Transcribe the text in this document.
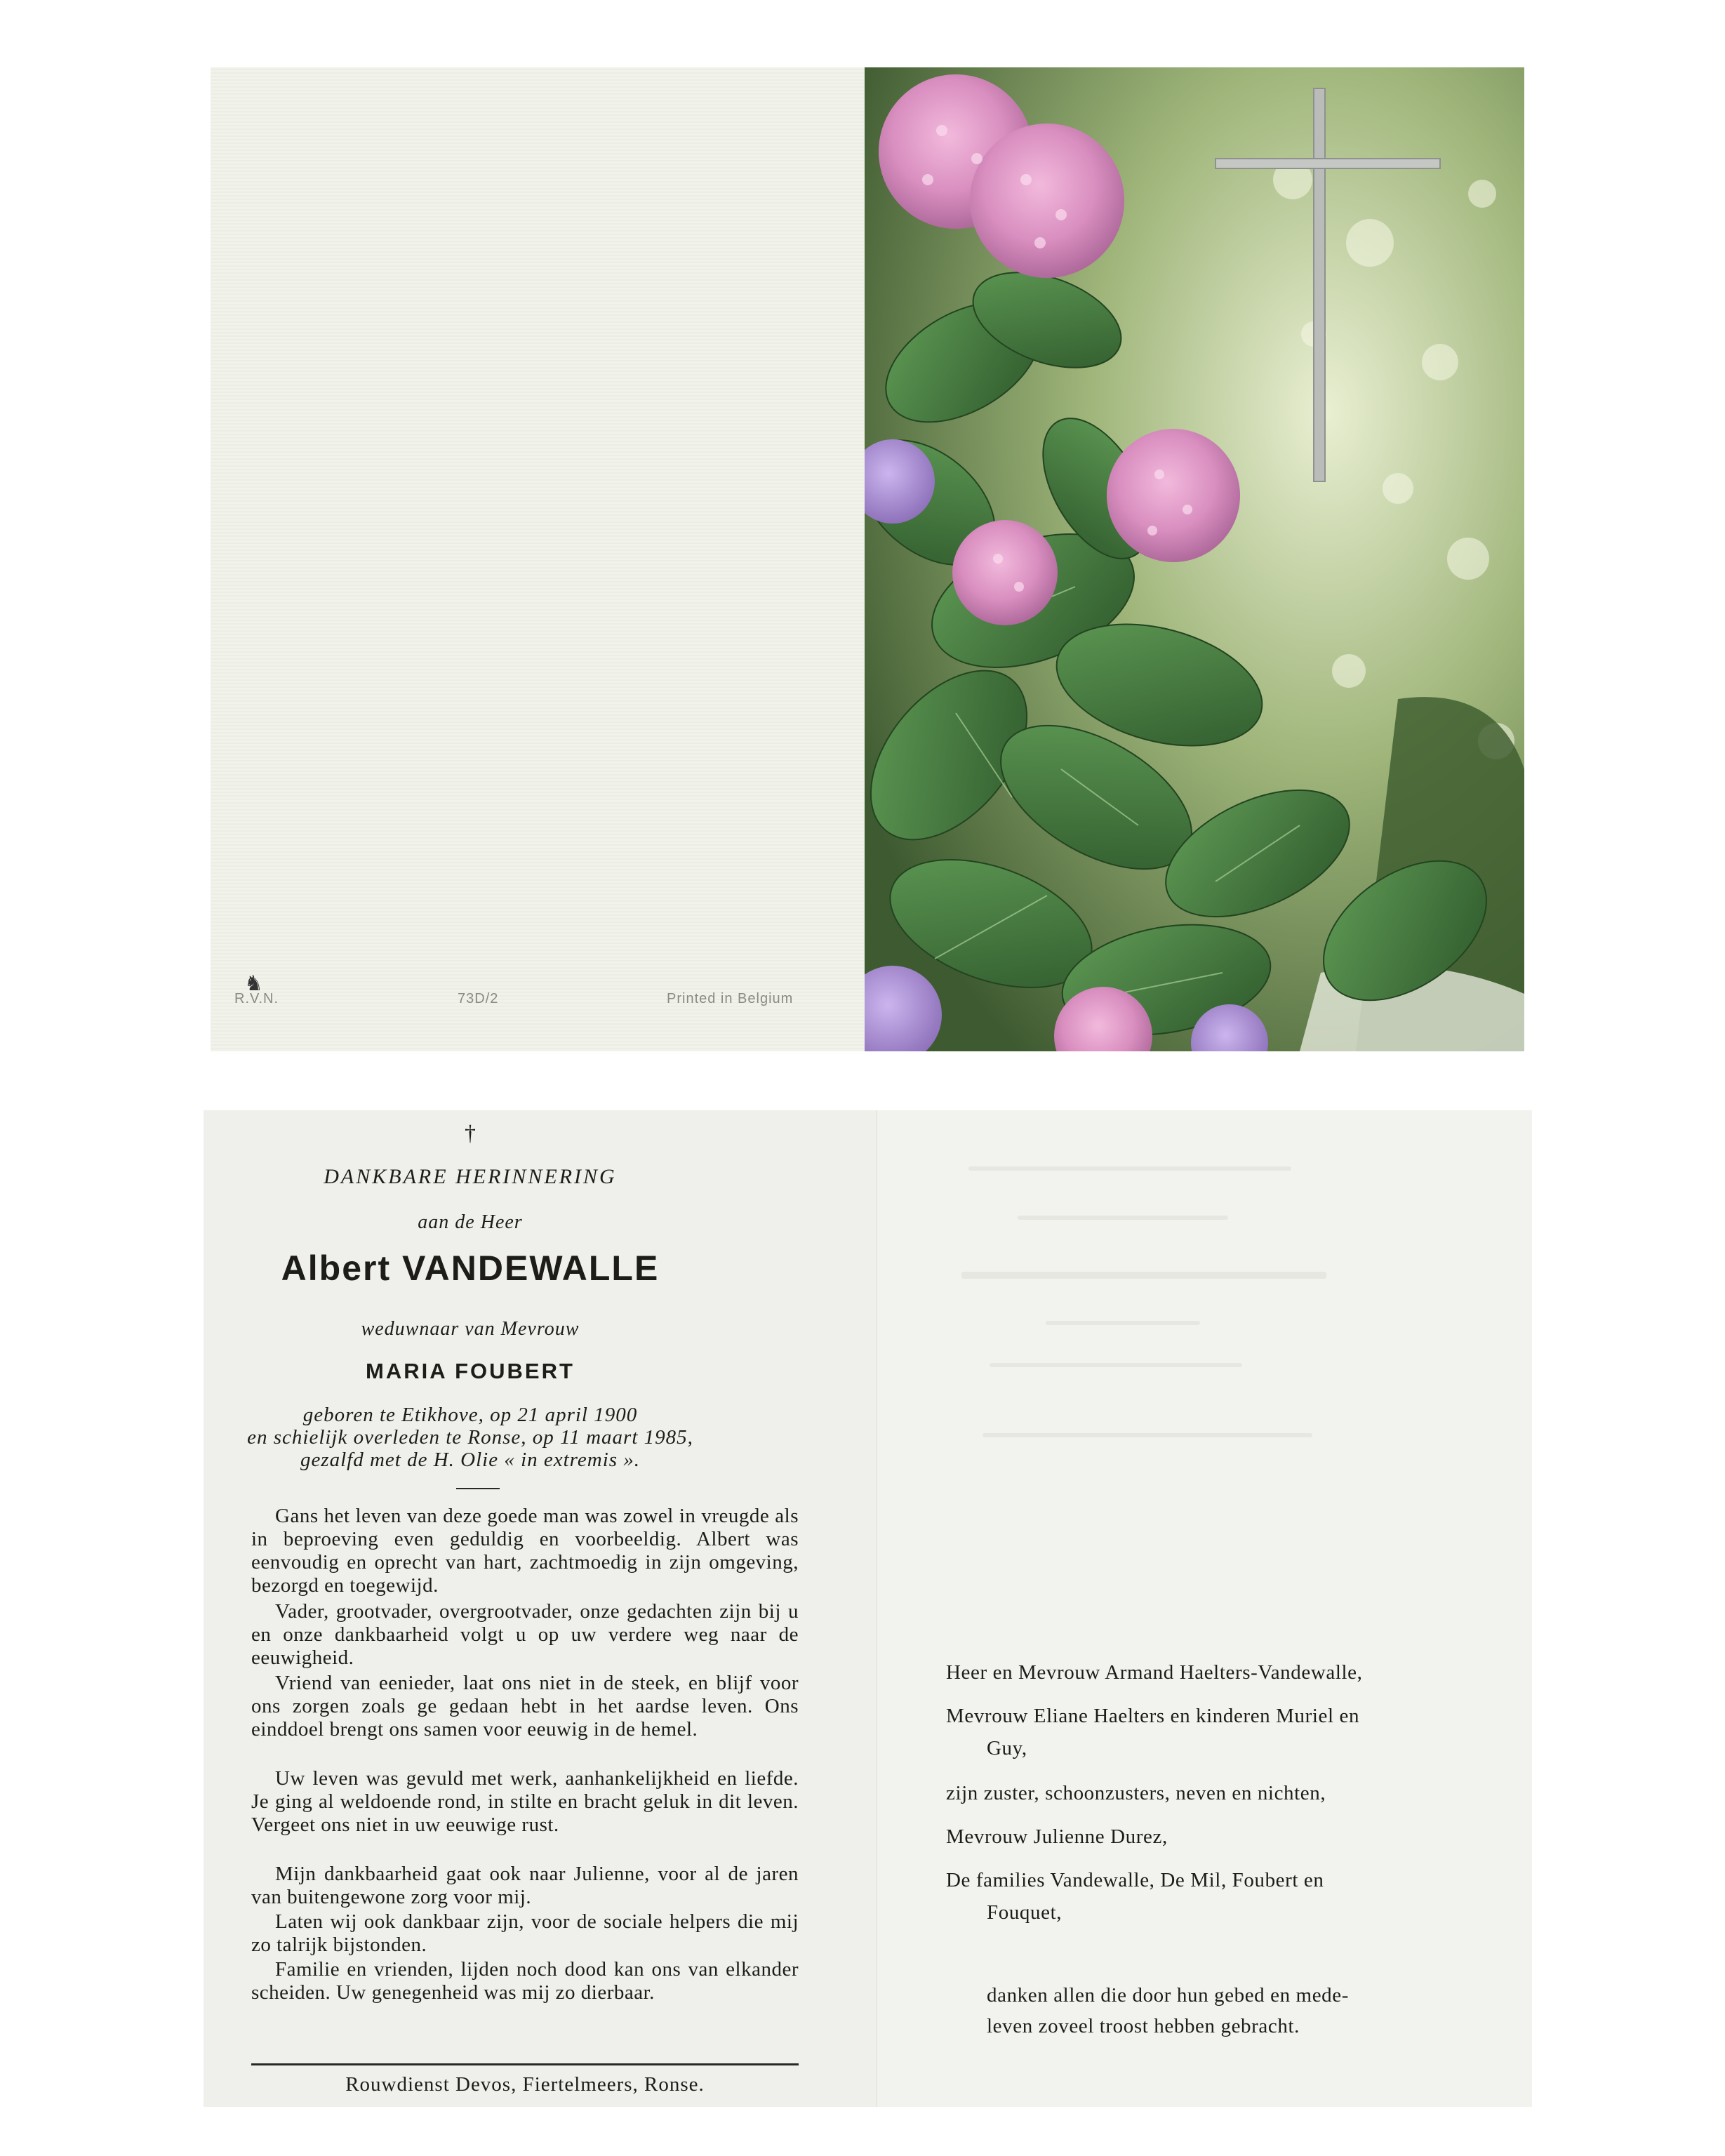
♞
R.V.N.	73D/2	Printed in Belgium
†
DANKBARE HERINNERING
aan de Heer
Albert VANDEWALLE
weduwnaar van Mevrouw
MARIA FOUBERT
geboren te Etikhove, op 21 april 1900
en schielijk overleden te Ronse, op 11 maart 1985,
gezalfd met de H. Olie « in extremis ».
Gans het leven van deze goede man was zowel in vreugde als in beproeving even geduldig en voorbeeldig. Albert was eenvoudig en oprecht van hart, zachtmoedig in zijn omgeving, bezorgd en toegewijd.
Vader, grootvader, overgrootvader, onze gedachten zijn bij u en onze dankbaarheid volgt u op uw verdere weg naar de eeuwigheid.
Vriend van eenieder, laat ons niet in de steek, en blijf voor ons zorgen zoals ge gedaan hebt in het aardse leven. Ons einddoel brengt ons samen voor eeuwig in de hemel.
Uw leven was gevuld met werk, aanhankelijkheid en liefde. Je ging al weldoende rond, in stilte en bracht geluk in dit leven. Vergeet ons niet in uw eeuwige rust.
Mijn dankbaarheid gaat ook naar Julienne, voor al de jaren van buitengewone zorg voor mij.
Laten wij ook dankbaar zijn, voor de sociale helpers die mij zo talrijk bijstonden.
Familie en vrienden, lijden noch dood kan ons van elkander scheiden. Uw genegenheid was mij zo dierbaar.
Rouwdienst Devos, Fiertelmeers, Ronse.
Heer en Mevrouw Armand Haelters-Vandewalle,
Mevrouw Eliane Haelters en kinderen Muriel en
Guy,
zijn zuster, schoonzusters, neven en nichten,
Mevrouw Julienne Durez,
De families Vandewalle, De Mil, Foubert en
Fouquet,
danken allen die door hun gebed en mede-
leven zoveel troost hebben gebracht.
